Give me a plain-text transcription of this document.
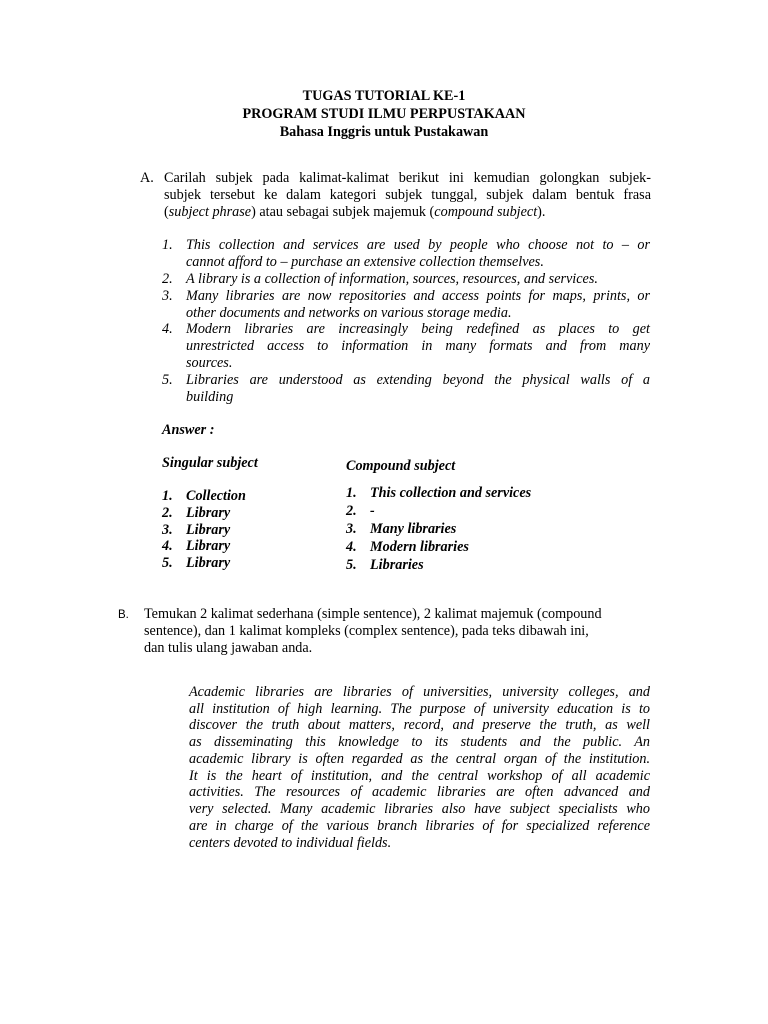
TUGAS TUTORIAL KE-1
PROGRAM STUDI ILMU PERPUSTAKAAN
Bahasa Inggris untuk Pustakawan
A. Carilah subjek pada kalimat-kalimat berikut ini kemudian golongkan subjek-
subjek tersebut ke dalam kategori subjek tunggal, subjek dalam bentuk frasa
(subject phrase) atau sebagai subjek majemuk (compound subject).
1. This collection and services are used by people who choose not to – or
cannot afford to – purchase an extensive collection themselves.
2. A library is a collection of information, sources, resources, and services.
3. Many libraries are now repositories and access points for maps, prints, or
other documents and networks on various storage media.
4. Modern libraries are increasingly being redefined as places to get
unrestricted access to information in many formats and from many
sources.
5. Libraries are understood as extending beyond the physical walls of a
building
Answer :
Singular subject	Compound subject
1. Collection
2. Library
3. Library
4. Library
5. Library
1. This collection and services
2. -
3. Many libraries
4. Modern libraries
5. Libraries
B. Temukan 2 kalimat sederhana (simple sentence), 2 kalimat majemuk (compound
sentence), dan 1 kalimat kompleks (complex sentence), pada teks dibawah ini,
dan tulis ulang jawaban anda.
Academic libraries are libraries of universities, university colleges, and
all institution of high learning. The purpose of university education is to
discover the truth about matters, record, and preserve the truth, as well
as disseminating this knowledge to its students and the public. An
academic library is often regarded as the central organ of the institution.
It is the heart of institution, and the central workshop of all academic
activities. The resources of academic libraries are often advanced and
very selected. Many academic libraries also have subject specialists who
are in charge of the various branch libraries of for specialized reference
centers devoted to individual fields.
